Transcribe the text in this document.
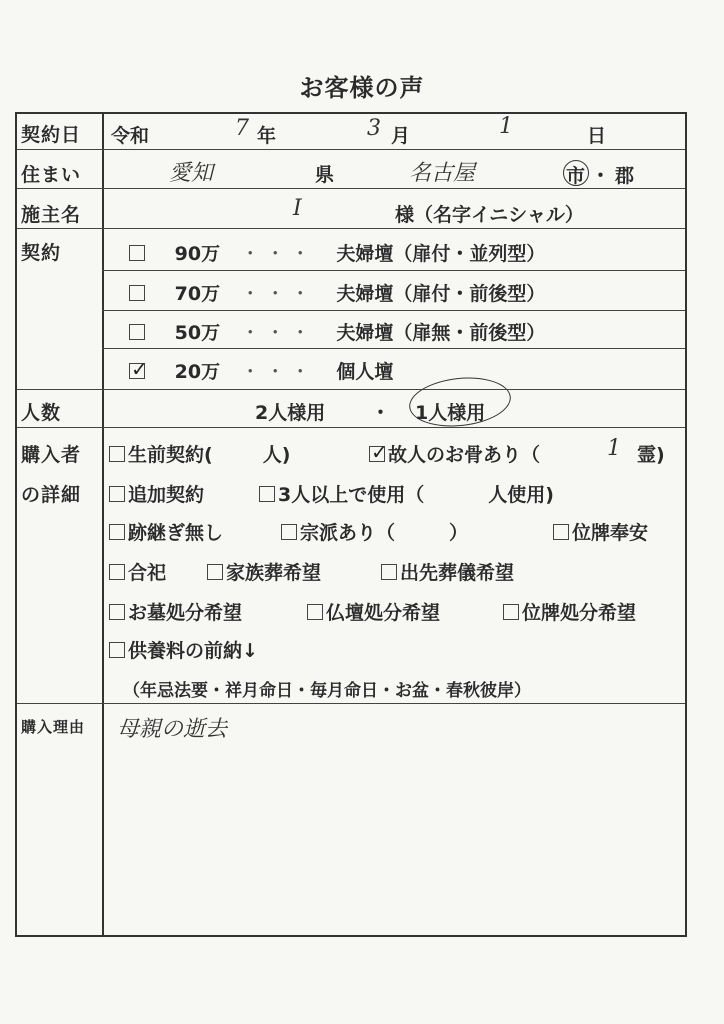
お客様の声
契約日 令和	7 年	3 月	1	日
住まい	愛知	県	名古屋	市 ・ 郡
施主名	I	様（名字イニシャル）
契約	90万 ・・・ 夫婦壇（扉付・並列型）
70万 ・・・ 夫婦壇（扉付・前後型）
50万 ・・・ 夫婦壇（扉無・前後型）
✓ 20万 ・・・ 個人壇
人数	2人様用 ・ 1人様用
購入者
の詳細
生前契約(	人)	✓ 故人のお骨あり（	1 霊)
追加契約	3人以上で使用（	人使用)
跡継ぎ無し	宗派あり（	）	位牌奉安
合祀	家族葬希望	出先葬儀希望
お墓処分希望	仏壇処分希望	位牌処分希望
供養料の前納↓
（年忌法要・祥月命日・毎月命日・お盆・春秋彼岸）
購入理由 母親の逝去
